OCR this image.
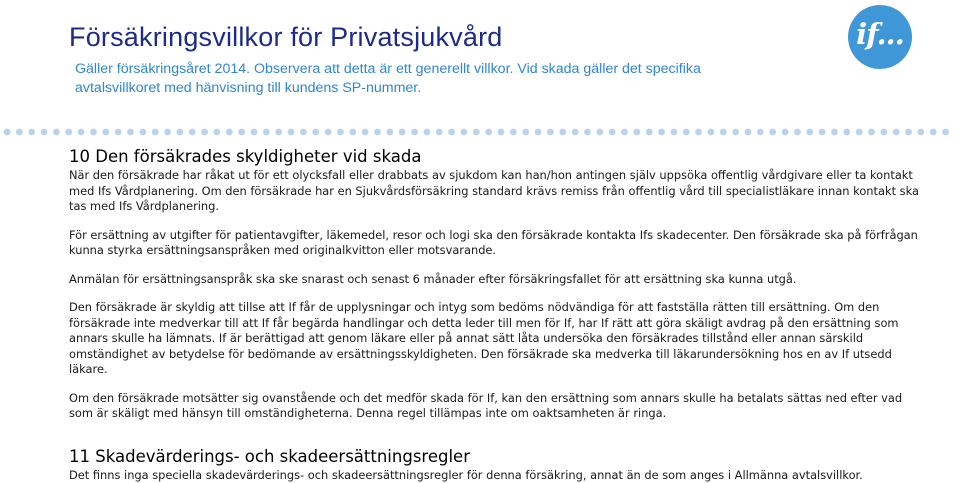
Försäkringsvillkor för Privatsjukvård
Gäller försäkringsåret 2014. Observera att detta är ett generellt villkor. Vid skada gäller det specifika avtalsvillkoret med hänvisning till kundens SP-nummer.
if...
10 Den försäkrades skyldigheter vid skada

När den försäkrade har råkat ut för ett olycksfall eller drabbats av sjukdom kan han/hon antingen själv uppsöka offentlig vårdgivare eller ta kontakt med Ifs Vårdplanering. Om den försäkrade har en Sjukvårdsförsäkring standard krävs remiss från offentlig vård till specialistläkare innan kontakt ska tas med Ifs Vårdplanering.

För ersättning av utgifter för patientavgifter, läkemedel, resor och logi ska den försäkrade kontakta Ifs skadecenter. Den försäkrade ska på förfrågan kunna styrka ersättningsanspråken med originalkvitton eller motsvarande.

Anmälan för ersättningsanspråk ska ske snarast och senast 6 månader efter försäkringsfallet för att ersättning ska kunna utgå.

Den försäkrade är skyldig att tillse att If får de upplysningar och intyg som bedöms nödvändiga för att fastställa rätten till ersättning. Om den försäkrade inte medverkar till att If får begärda handlingar och detta leder till men för If, har If rätt att göra skäligt avdrag på den ersättning som annars skulle ha lämnats. If är berättigad att genom läkare eller på annat sätt låta undersöka den försäkrades tillstånd eller annan särskild omständighet av betydelse för bedömande av ersättningsskyldigheten. Den försäkrade ska medverka till läkarundersökning hos en av If utsedd läkare.

Om den försäkrade motsätter sig ovanstående och det medför skada för If, kan den ersättning som annars skulle ha betalats sättas ned efter vad som är skäligt med hänsyn till omständigheterna. Denna regel tillämpas inte om oaktsamheten är ringa.

11 Skadevärderings- och skadeersättningsregler

Det finns inga speciella skadevärderings- och skadeersättningsregler för denna försäkring, annat än de som anges i Allmänna avtalsvillkor.
